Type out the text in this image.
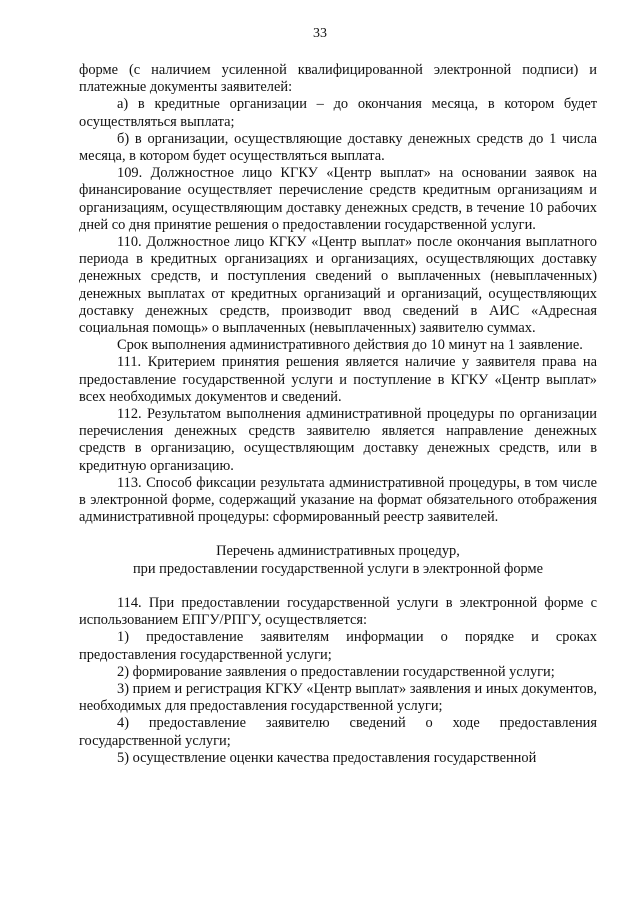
33

форме (с наличием усиленной квалифицированной электронной подписи) и платежные документы заявителей:

а) в кредитные организации – до окончания месяца, в котором будет осуществляться выплата;

б) в организации, осуществляющие доставку денежных средств до 1 числа месяца, в котором будет осуществляться выплата.

109. Должностное лицо КГКУ «Центр выплат» на основании заявок на финансирование осуществляет перечисление средств кредитным организациям и организациям, осуществляющим доставку денежных средств, в течение 10 рабочих дней со дня принятие решения о предоставлении государственной услуги.

110. Должностное лицо КГКУ «Центр выплат» после окончания выплатного периода в кредитных организациях и организациях, осуществляющих доставку денежных средств, и поступления сведений о выплаченных (невыплаченных) денежных выплатах от кредитных организаций и организаций, осуществляющих доставку денежных средств, производит ввод сведений в АИС «Адресная социальная помощь» о выплаченных (невыплаченных) заявителю суммах.

Срок выполнения административного действия до 10 минут на 1 заявление.

111. Критерием принятия решения является наличие у заявителя права на предоставление государственной услуги и поступление в КГКУ «Центр выплат» всех необходимых документов и сведений.

112. Результатом выполнения административной процедуры по организации перечисления денежных средств заявителю является направление денежных средств в организацию, осуществляющим доставку денежных средств, или в кредитную организацию.

113. Способ фиксации результата административной процедуры, в том числе в электронной форме, содержащий указание на формат обязательного отображения административной процедуры: сформированный реестр заявителей.

Перечень административных процедур,

при предоставлении государственной услуги в электронной форме

114. При предоставлении государственной услуги в электронной форме с использованием ЕПГУ/РПГУ, осуществляется:

1) предоставление заявителям информации о порядке и сроках предоставления государственной услуги;

2) формирование заявления о предоставлении государственной услуги;

3) прием и регистрация КГКУ «Центр выплат» заявления и иных документов, необходимых для предоставления государственной услуги;

4) предоставление заявителю сведений о ходе предоставления государственной услуги;

5) осуществление оценки качества предоставления государственной
